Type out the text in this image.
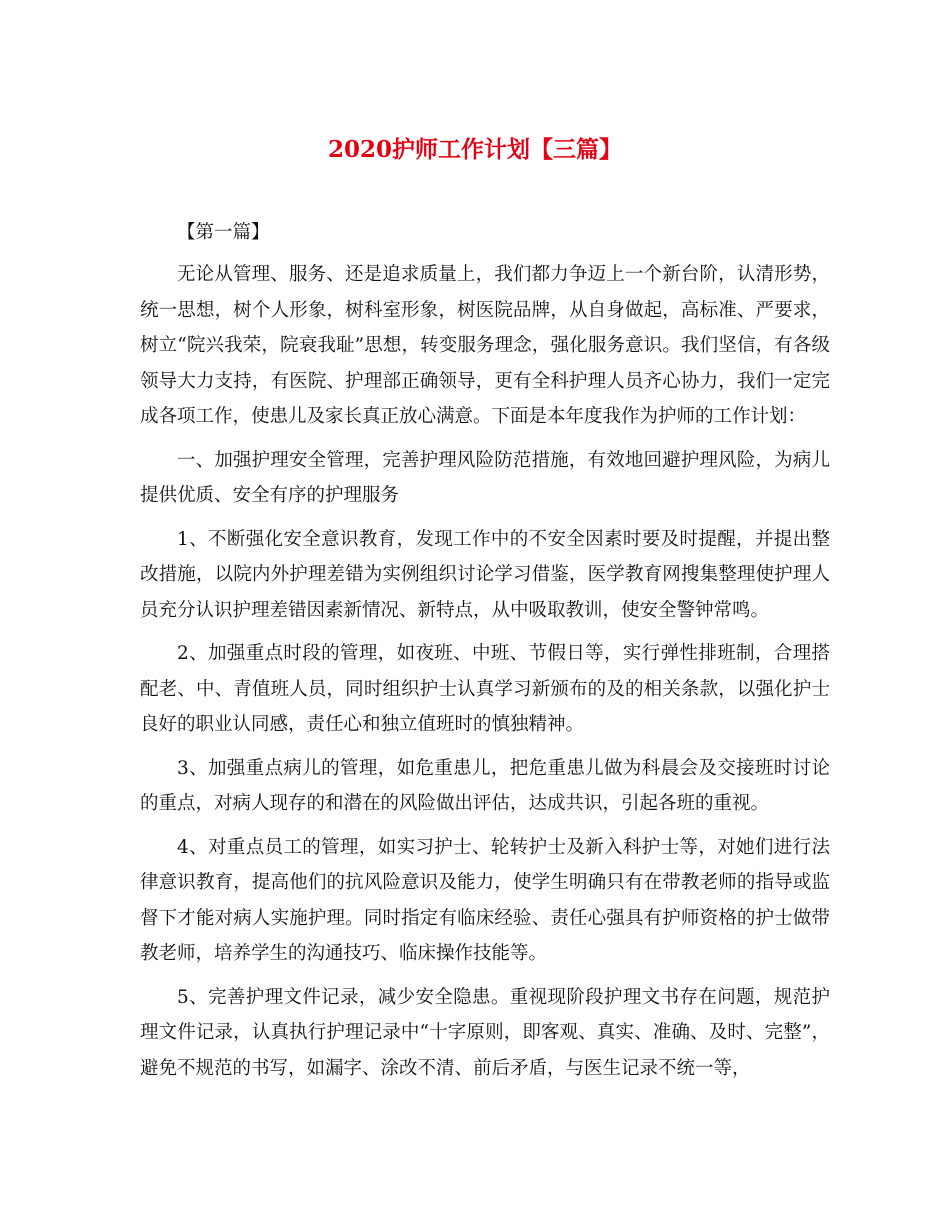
2020护师工作计划【三篇】

【第一篇】

无论从管理、服务、还是追求质量上，我们都力争迈上一个新台阶，认清形势，统一思想，树个人形象，树科室形象，树医院品牌，从自身做起，高标准、严要求，树立“院兴我荣，院衰我耻”思想，转变服务理念，强化服务意识。我们坚信，有各级领导大力支持，有医院、护理部正确领导，更有全科护理人员齐心协力，我们一定完成各项工作，使患儿及家长真正放心满意。下面是本年度我作为护师的工作计划：

一、加强护理安全管理，完善护理风险防范措施，有效地回避护理风险，为病儿提供优质、安全有序的护理服务

1、不断强化安全意识教育，发现工作中的不安全因素时要及时提醒，并提出整改措施，以院内外护理差错为实例组织讨论学习借鉴，医学教育网搜集整理使护理人员充分认识护理差错因素新情况、新特点，从中吸取教训，使安全警钟常鸣。

2、加强重点时段的管理，如夜班、中班、节假日等，实行弹性排班制，合理搭配老、中、青值班人员，同时组织护士认真学习新颁布的及的相关条款，以强化护士良好的职业认同感，责任心和独立值班时的慎独精神。

3、加强重点病儿的管理，如危重患儿，把危重患儿做为科晨会及交接班时讨论的重点，对病人现存的和潜在的风险做出评估，达成共识，引起各班的重视。

4、对重点员工的管理，如实习护士、轮转护士及新入科护士等，对她们进行法律意识教育，提高他们的抗风险意识及能力，使学生明确只有在带教老师的指导或监督下才能对病人实施护理。同时指定有临床经验、责任心强具有护师资格的护士做带教老师，培养学生的沟通技巧、临床操作技能等。

5、完善护理文件记录，减少安全隐患。重视现阶段护理文书存在问题，规范护理文件记录，认真执行护理记录中“十字原则，即客观、真实、准确、及时、完整”，避免不规范的书写，如漏字、涂改不清、前后矛盾，与医生记录不统一等，
